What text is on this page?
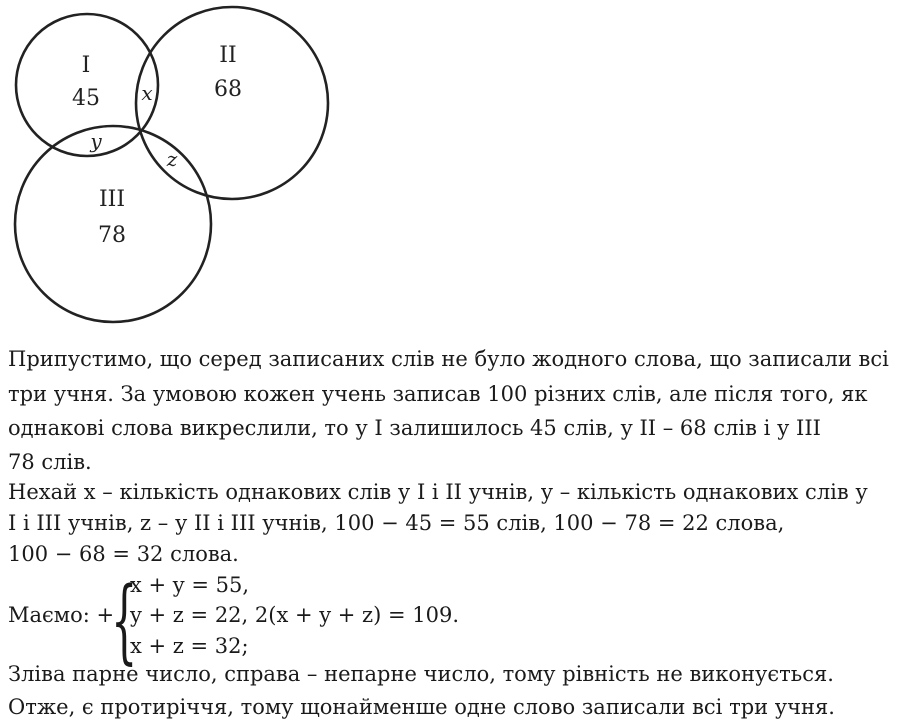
I
45
II
68
III
78
x
y
z
Припустимо, що серед записаних слів не було жодного слова, що записали всі
три учня. За умовою кожен учень записав 100 різних слів, але після того, як
однакові слова викреслили, то у І залишилось 45 слів, у ІІ – 68 слів і у ІІІ
78 слів.
Нехай x – кількість однакових слів у І і ІІ учнів, у – кількість однакових слів у
І і ІІІ учнів, z – у ІІ і ІІІ учнів, 100 − 45 = 55 слів, 100 − 78 = 22 слова,
100 − 68 = 32 слова.
Маємо: +
{
x + y = 55,
y + z = 22, 2(x + y + z) = 109.
x + z = 32;
Зліва парне число, справа – непарне число, тому рівність не виконується.
Отже, є протиріччя, тому щонайменше одне слово записали всі три учня.
